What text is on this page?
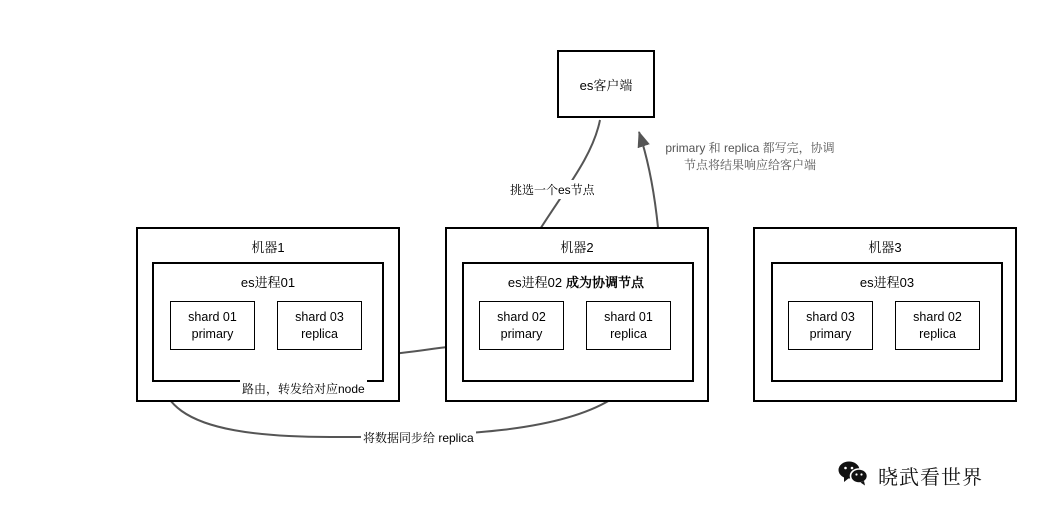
es客户端
机器1
es进程01
shard 01
primary
shard 03
replica
机器2
es进程02 成为协调节点
shard 02
primary
shard 01
replica
机器3
es进程03
shard 03
primary
shard 02
replica
挑选一个es节点
primary 和 replica 都写完，协调
节点将结果响应给客户端
路由，转发给对应node
将数据同步给 replica
晓武看世界
